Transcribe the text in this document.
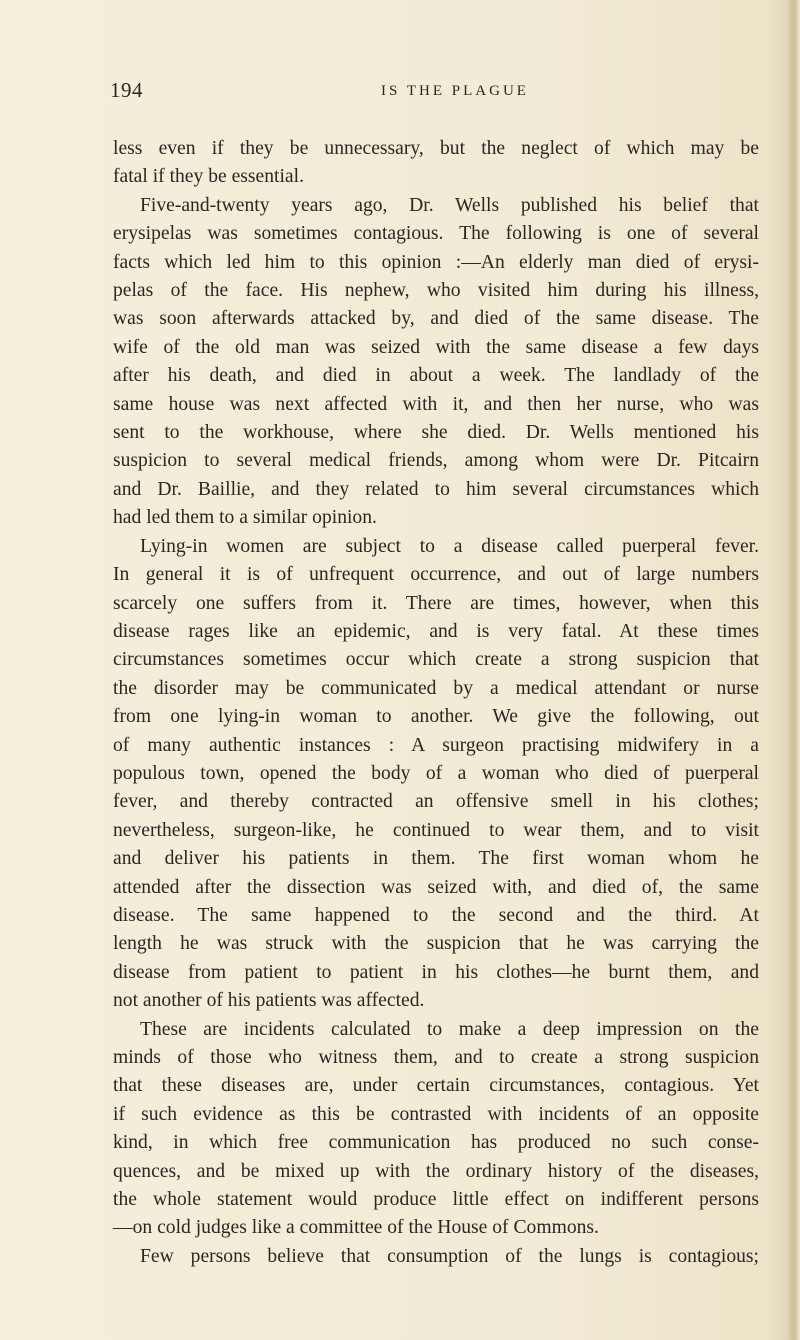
194	IS THE PLAGUE
less even if they be unnecessary, but the neglect of which may be
fatal if they be essential.
Five-and-twenty years ago, Dr. Wells published his belief that
erysipelas was sometimes contagious. The following is one of several
facts which led him to this opinion :—An elderly man died of erysi-
pelas of the face. His nephew, who visited him during his illness,
was soon afterwards attacked by, and died of the same disease. The
wife of the old man was seized with the same disease a few days
after his death, and died in about a week. The landlady of the
same house was next affected with it, and then her nurse, who was
sent to the workhouse, where she died. Dr. Wells mentioned his
suspicion to several medical friends, among whom were Dr. Pitcairn
and Dr. Baillie, and they related to him several circumstances which
had led them to a similar opinion.
Lying-in women are subject to a disease called puerperal fever.
In general it is of unfrequent occurrence, and out of large numbers
scarcely one suffers from it. There are times, however, when this
disease rages like an epidemic, and is very fatal. At these times
circumstances sometimes occur which create a strong suspicion that
the disorder may be communicated by a medical attendant or nurse
from one lying-in woman to another. We give the following, out
of many authentic instances : A surgeon practising midwifery in a
populous town, opened the body of a woman who died of puerperal
fever, and thereby contracted an offensive smell in his clothes;
nevertheless, surgeon-like, he continued to wear them, and to visit
and deliver his patients in them. The first woman whom he
attended after the dissection was seized with, and died of, the same
disease. The same happened to the second and the third. At
length he was struck with the suspicion that he was carrying the
disease from patient to patient in his clothes—he burnt them, and
not another of his patients was affected.
These are incidents calculated to make a deep impression on the
minds of those who witness them, and to create a strong suspicion
that these diseases are, under certain circumstances, contagious. Yet
if such evidence as this be contrasted with incidents of an opposite
kind, in which free communication has produced no such conse-
quences, and be mixed up with the ordinary history of the diseases,
the whole statement would produce little effect on indifferent persons
—on cold judges like a committee of the House of Commons.
Few persons believe that consumption of the lungs is contagious;
